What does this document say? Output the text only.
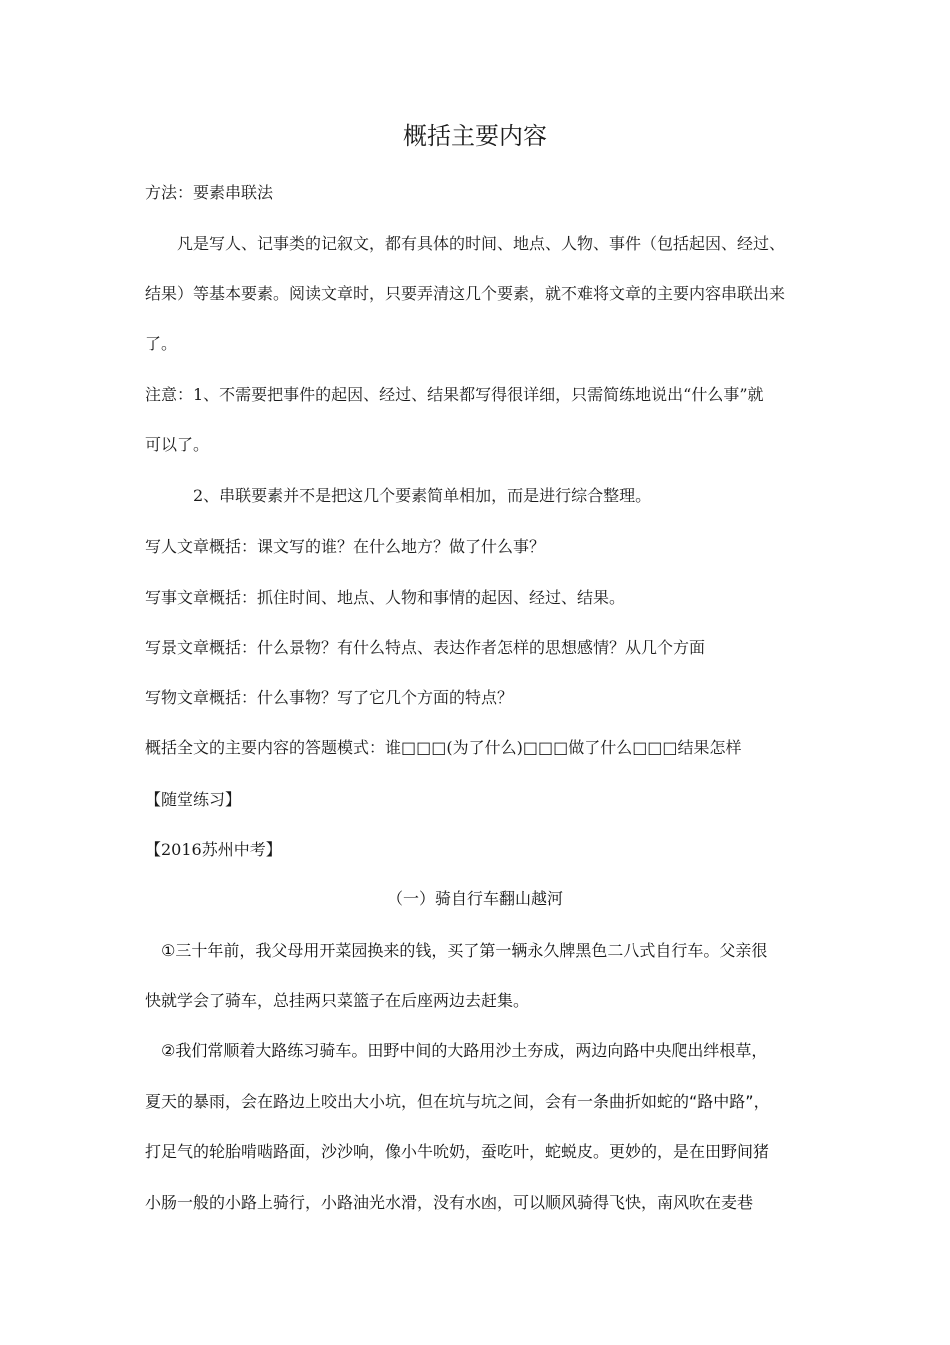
概括主要内容
方法：要素串联法
凡是写人、记事类的记叙文，都有具体的时间、地点、人物、事件（包括起因、经过、
结果）等基本要素。阅读文章时，只要弄清这几个要素，就不难将文章的主要内容串联出来
了。
注意：1、不需要把事件的起因、经过、结果都写得很详细，只需简练地说出“什么事”就
可以了。
2、串联要素并不是把这几个要素简单相加，而是进行综合整理。
写人文章概括：课文写的谁？在什么地方？做了什么事？
写事文章概括：抓住时间、地点、人物和事情的起因、经过、结果。
写景文章概括：什么景物？有什么特点、表达作者怎样的思想感情？从几个方面
写物文章概括：什么事物？写了它几个方面的特点？
概括全文的主要内容的答题模式：谁□□□(为了什么)□□□做了什么□□□结果怎样
【随堂练习】
【2016苏州中考】
（一）骑自行车翻山越河
①三十年前，我父母用开菜园换来的钱，买了第一辆永久牌黑色二八式自行车。父亲很
快就学会了骑车，总挂两只菜篮子在后座两边去赶集。
②我们常顺着大路练习骑车。田野中间的大路用沙土夯成，两边向路中央爬出绊根草，
夏天的暴雨，会在路边上咬出大小坑，但在坑与坑之间，会有一条曲折如蛇的“路中路”，
打足气的轮胎啃啮路面，沙沙响，像小牛吮奶，蚕吃叶，蛇蜕皮。更妙的，是在田野间猪
小肠一般的小路上骑行，小路油光水滑，没有水凼，可以顺风骑得飞快，南风吹在麦巷
